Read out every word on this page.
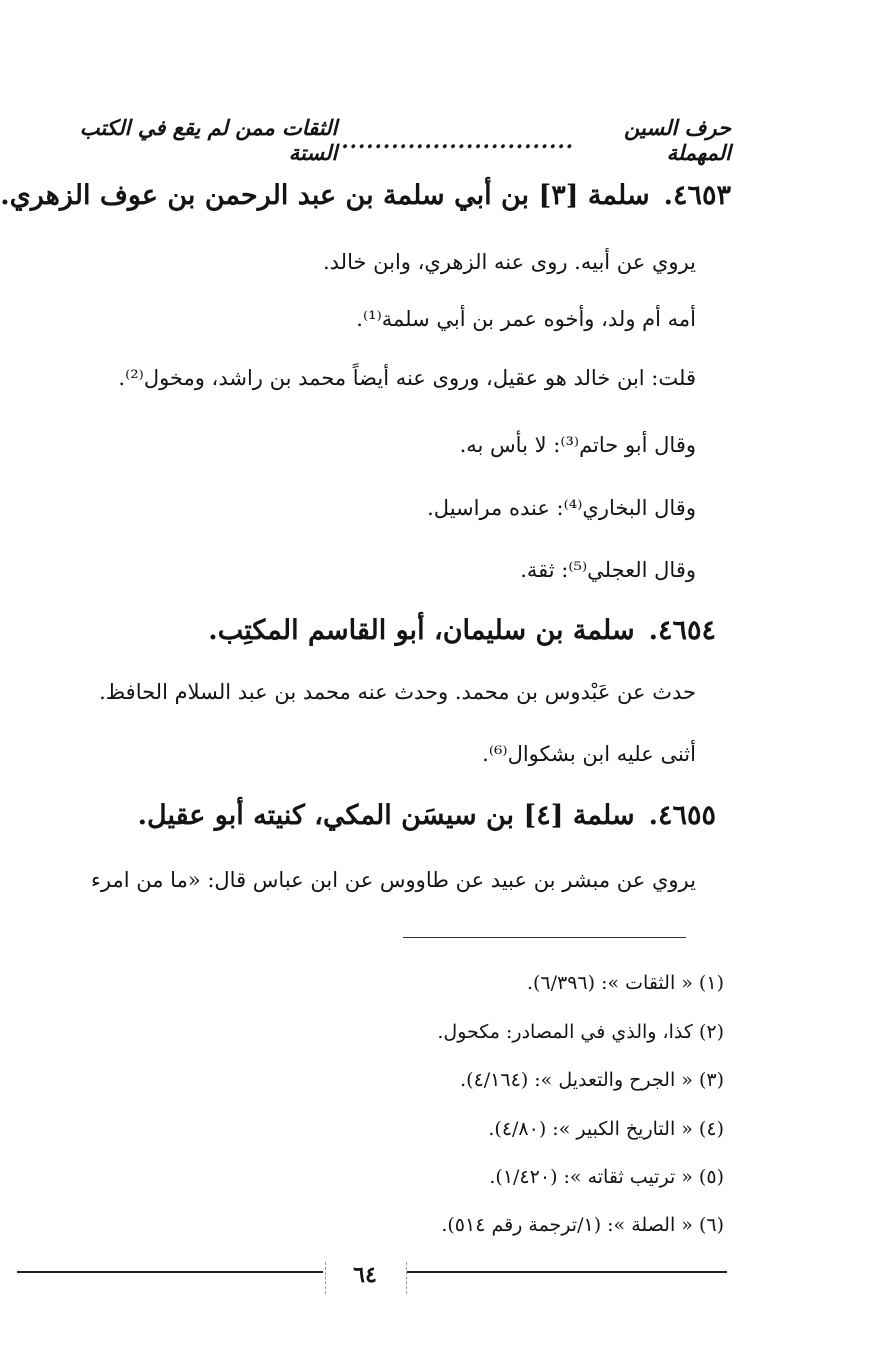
حرف السين المهملة
............................
الثقات ممن لم يقع في الكتب الستة
٤٦٥٣.
سلمة [٣] بن أبي سلمة بن عبد الرحمن بن عوف الزهري.
يروي عن أبيه. روى عنه الزهري، وابن خالد.
أمه أم ولد، وأخوه عمر بن أبي سلمة⁽¹⁾.
قلت: ابن خالد هو عقيل، وروى عنه أيضاً محمد بن راشد، ومخول⁽²⁾.
وقال أبو حاتم⁽³⁾: لا بأس به.
وقال البخاري⁽⁴⁾: عنده مراسيل.
وقال العجلي⁽⁵⁾: ثقة.
٤٦٥٤.
سلمة بن سليمان، أبو القاسم المكتِب.
حدث عن عَبْدوس بن محمد. وحدث عنه محمد بن عبد السلام الحافظ.
أثنى عليه ابن بشكوال⁽⁶⁾.
٤٦٥٥.
سلمة [٤] بن سيسَن المكي، كنيته أبو عقيل.
يروي عن مبشر بن عبيد عن طاووس عن ابن عباس قال: «ما من امرء
(١) « الثقات »: (٦/٣٩٦).
(٢) كذا، والذي في المصادر: مكحول.
(٣) « الجرح والتعديل »: (٤/١٦٤).
(٤) « التاريخ الكبير »: (٤/٨٠).
(٥) « ترتيب ثقاته »: (١/٤٢٠).
(٦) « الصلة »: (١/ترجمة رقم ٥١٤).
٦٤
